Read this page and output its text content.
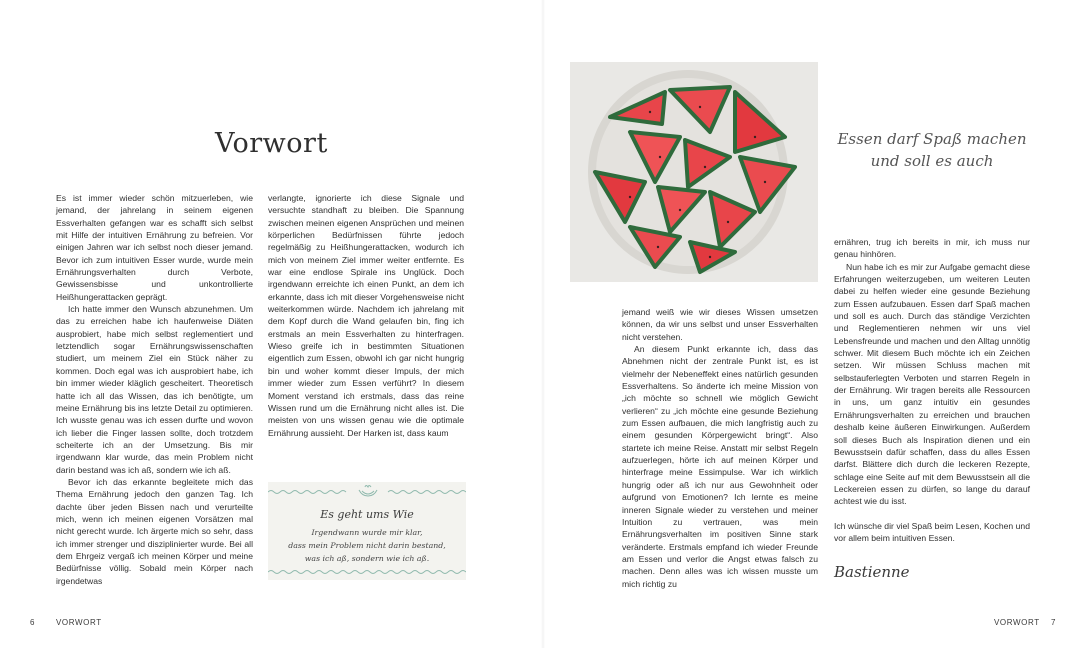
Vorwort

Es ist immer wieder schön mitzuerleben, wie jemand, der jahrelang in seinem eigenen Essverhalten gefangen war es schafft sich selbst mit Hilfe der intuitiven Ernährung zu befreien. Vor einigen Jahren war ich selbst noch dieser jemand. Bevor ich zum intuitiven Esser wurde, wurde mein Ernährungsverhalten durch Verbote, Gewissensbisse und unkontrollierte Heißhungerattacken geprägt.

Ich hatte immer den Wunsch abzunehmen. Um das zu erreichen habe ich haufenweise Diäten ausprobiert, habe mich selbst reglementiert und letztendlich sogar Ernährungswissenschaften studiert, um meinem Ziel ein Stück näher zu kommen. Doch egal was ich ausprobiert habe, ich bin immer wieder kläglich gescheitert. Theoretisch hatte ich all das Wissen, das ich benötigte, um meine Ernährung bis ins letzte Detail zu optimieren. Ich wusste genau was ich essen durfte und wovon ich lieber die Finger lassen sollte, doch trotzdem scheiterte ich an der Umsetzung. Bis mir irgendwann klar wurde, das mein Problem nicht darin bestand was ich aß, sondern wie ich aß.

Bevor ich das erkannte begleitete mich das Thema Ernährung jedoch den ganzen Tag. Ich dachte über jeden Bissen nach und verurteilte mich, wenn ich meinen eigenen Vorsätzen mal nicht gerecht wurde. Ich ärgerte mich so sehr, dass ich immer strenger und disziplinierter wurde. Bei all dem Ehrgeiz vergaß ich meinen Körper und meine Bedürfnisse völlig. Sobald mein Körper nach irgendetwas

verlangte, ignorierte ich diese Signale und versuchte standhaft zu bleiben. Die Spannung zwischen meinen eigenen Ansprüchen und meinen körperlichen Bedürfnissen führte jedoch regelmäßig zu Heißhungerattacken, wodurch ich mich von meinem Ziel immer weiter entfernte. Es war eine endlose Spirale ins Unglück. Doch irgendwann erreichte ich einen Punkt, an dem ich erkannte, dass ich mit dieser Vorgehensweise nicht weiterkommen würde. Nachdem ich jahrelang mit dem Kopf durch die Wand gelaufen bin, fing ich erstmals an mein Essverhalten zu hinterfragen. Wieso greife ich in bestimmten Situationen eigentlich zum Essen, obwohl ich gar nicht hungrig bin und woher kommt dieser Impuls, der mich immer wieder zum Essen verführt? In diesem Moment verstand ich erstmals, dass das reine Wissen rund um die Ernährung nicht alles ist. Die meisten von uns wissen genau wie die optimale Ernährung aussieht. Der Harken ist, dass kaum

Es geht ums Wie
Irgendwann wurde mir klar,
dass mein Problem nicht darin bestand,
was ich aß, sondern wie ich aß.
6	VORWORT
Essen darf Spaß machen und soll es auch

jemand weiß wie wir dieses Wissen umsetzen können, da wir uns selbst und unser Essverhalten nicht verstehen.

An diesem Punkt erkannte ich, dass das Abnehmen nicht der zentrale Punkt ist, es ist vielmehr der Nebeneffekt eines natürlich gesunden Essverhaltens. So änderte ich meine Mission von „ich möchte so schnell wie möglich Gewicht verlieren“ zu „ich möchte eine gesunde Beziehung zum Essen aufbauen, die mich langfristig auch zu einem gesunden Körpergewicht bringt“. Also startete ich meine Reise. Anstatt mir selbst Regeln aufzuerlegen, hörte ich auf meinen Körper und hinterfrage meine Essimpulse. War ich wirklich hungrig oder aß ich nur aus Gewohnheit oder aufgrund von Emotionen? Ich lernte es meine inneren Signale wieder zu verstehen und meiner Intuition zu vertrauen, was mein Ernährungsverhalten im positiven Sinne stark veränderte. Erstmals empfand ich wieder Freunde am Essen und verlor die Angst etwas falsch zu machen. Denn alles was ich wissen musste um mich richtig zu

ernähren, trug ich bereits in mir, ich muss nur genau hinhören.

Nun habe ich es mir zur Aufgabe gemacht diese Erfahrungen weiterzugeben, um weiteren Leuten dabei zu helfen wieder eine gesunde Beziehung zum Essen aufzubauen. Essen darf Spaß machen und soll es auch. Durch das ständige Verzichten und Reglementieren nehmen wir uns viel Lebensfreunde und machen und den Alltag unnötig schwer. Mit diesem Buch möchte ich ein Zeichen setzen. Wir müssen Schluss machen mit selbstauferlegten Verboten und starren Regeln in der Ernährung. Wir tragen bereits alle Ressourcen in uns, um ganz intuitiv ein gesundes Ernährungsverhalten zu erreichen und brauchen deshalb keine äußeren Einwirkungen. Außerdem soll dieses Buch als Inspiration dienen und ein Bewusstsein dafür schaffen, dass du alles Essen darfst. Blättere dich durch die leckeren Rezepte, schlage eine Seite auf mit dem Bewusstsein all die Leckereien essen zu dürfen, so lange du darauf achtest wie du isst.

Ich wünsche dir viel Spaß beim Lesen, Kochen und vor allem beim intuitiven Essen.

Bastienne
VORWORT 7
